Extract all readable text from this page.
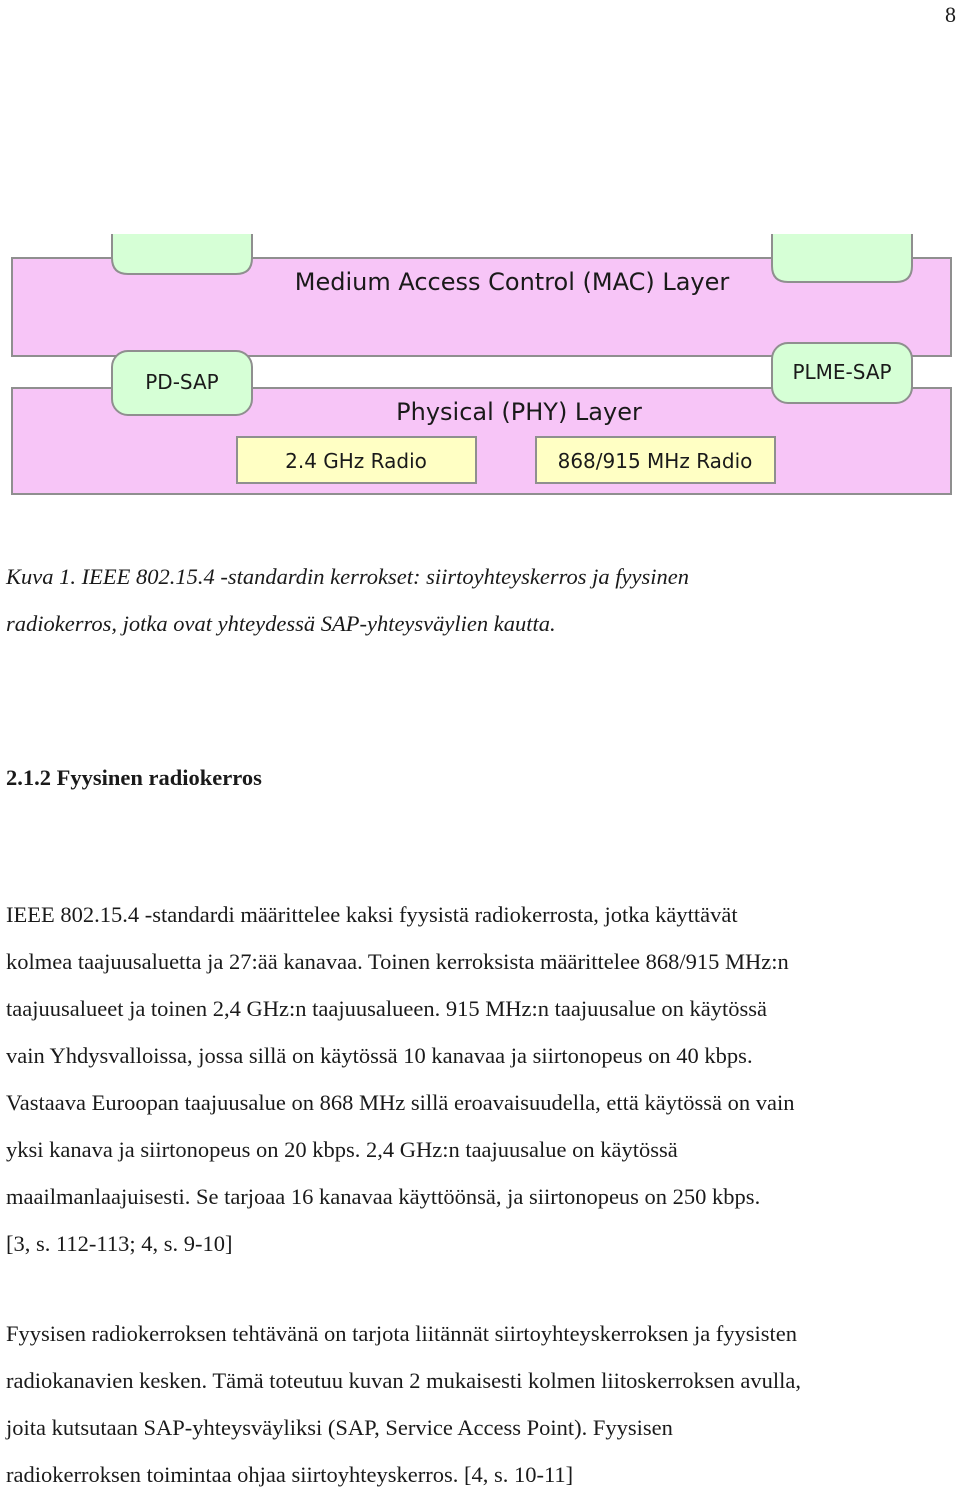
8
Medium Access Control (MAC) Layer
Physical (PHY) Layer
PD-SAP	PLME-SAP
2.4 GHz Radio	868/915 MHz Radio
Kuva 1. IEEE 802.15.4 -standardin kerrokset: siirtoyhteyskerros ja fyysinen
radiokerros, jotka ovat yhteydessä SAP-yhteysväylien kautta.
2.1.2 Fyysinen radiokerros
IEEE 802.15.4 -standardi määrittelee kaksi fyysistä radiokerrosta, jotka käyttävät
kolmea taajuusaluetta ja 27:ää kanavaa. Toinen kerroksista määrittelee 868/915 MHz:n
taajuusalueet ja toinen 2,4 GHz:n taajuusalueen. 915 MHz:n taajuusalue on käytössä
vain Yhdysvalloissa, jossa sillä on käytössä 10 kanavaa ja siirtonopeus on 40 kbps.
Vastaava Euroopan taajuusalue on 868 MHz sillä eroavaisuudella, että käytössä on vain
yksi kanava ja siirtonopeus on 20 kbps. 2,4 GHz:n taajuusalue on käytössä
maailmanlaajuisesti. Se tarjoaa 16 kanavaa käyttöönsä, ja siirtonopeus on 250 kbps.
[3, s. 112-113; 4, s. 9-10]
Fyysisen radiokerroksen tehtävänä on tarjota liitännät siirtoyhteyskerroksen ja fyysisten
radiokanavien kesken. Tämä toteutuu kuvan 2 mukaisesti kolmen liitoskerroksen avulla,
joita kutsutaan SAP-yhteysväyliksi (SAP, Service Access Point). Fyysisen
radiokerroksen toimintaa ohjaa siirtoyhteyskerros. [4, s. 10-11]
